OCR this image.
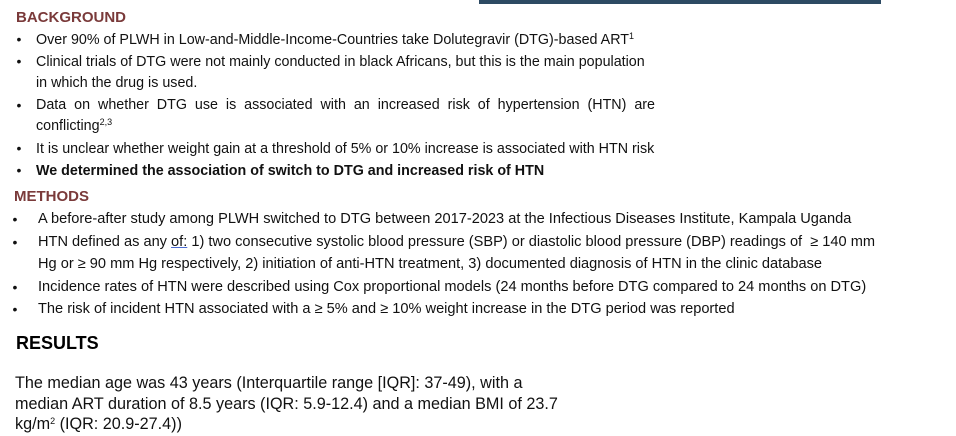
BACKGROUND
• Over 90% of PLWH in Low-and-Middle-Income-Countries take Dolutegravir (DTG)-based ART$^1$
• Clinical trials of DTG were not mainly conducted in black Africans, but this is the main population
in which the drug is used.
• Data  on  whether  DTG  use  is  associated  with  an  increased  risk  of  hypertension  (HTN)  are
conflicting$^{2,3}$
• It is unclear whether weight gain at a threshold of 5% or 10% increase is associated with HTN risk
• We determined the association of switch to DTG and increased risk of HTN
METHODS
• A before-after study among PLWH switched to DTG between 2017-2023 at the Infectious Diseases Institute, Kampala Uganda
• HTN defined as any of: 1) two consecutive systolic blood pressure (SBP) or diastolic blood pressure (DBP) readings of  ≥ 140 mm
Hg or ≥ 90 mm Hg respectively, 2) initiation of anti-HTN treatment, 3) documented diagnosis of HTN in the clinic database
• Incidence rates of HTN were described using Cox proportional models (24 months before DTG compared to 24 months on DTG)
• The risk of incident HTN associated with a ≥ 5% and ≥ 10% weight increase in the DTG period was reported
RESULTS
The median age was 43 years (Interquartile range [IQR]: 37-49), with a
median ART duration of 8.5 years (IQR: 5.9-12.4) and a median BMI of 23.7
$kg/m^2$ (IQR: 20.9-27.4))
